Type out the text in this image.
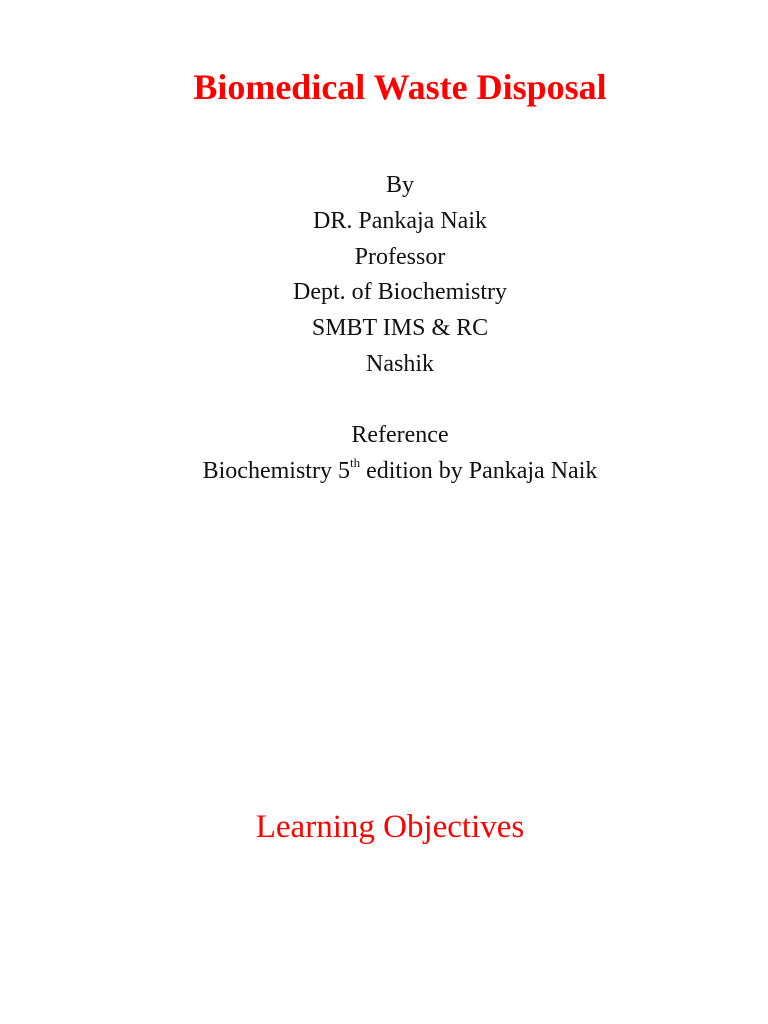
Biomedical Waste Disposal
By
DR. Pankaja Naik
Professor
Dept. of Biochemistry
SMBT IMS & RC
Nashik
Reference
Biochemistry 5th edition by Pankaja Naik
Learning Objectives
